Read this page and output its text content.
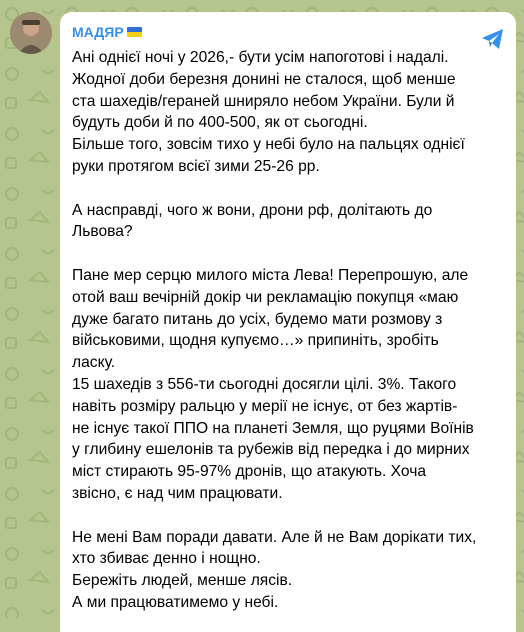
МАДЯР
Ані однієї ночі у 2026,- бути усім напоготові і надалі.
Жодної доби березня донині не сталося, щоб менше
ста шахедів/гераней шниряло небом України. Були й
будуть доби й по 400-500, як от сьогодні.
Більше того, зовсім тихо у небі було на пальцях однієї
руки протягом всієї зими 25-26 рр.
А насправді, чого ж вони, дрони рф, долітають до
Львова?
Пане мер серцю милого міста Лева! Перепрошую, але
отой ваш вечірній докір чи рекламацію покупця «маю
дуже багато питань до усіх, будемо мати розмову з
військовими, щодня купуємо…» припиніть, зробіть
ласку.
15 шахедів з 556-ти сьогодні досягли цілі. 3%. Такого
навіть розміру ральцю у мерії не існує, от без жартів-
не існує такої ППО на планеті Земля, що руцями Воїнів
у глибину ешелонів та рубежів від передка і до мирних
міст стирають 95-97% дронів, що атакують. Хоча
звісно, є над чим працювати.
Не мені Вам поради давати. Але й не Вам дорікати тих,
хто збиває денно і нощно.
Бережіть людей, менше лясів.
А ми працюватимемо у небі.
